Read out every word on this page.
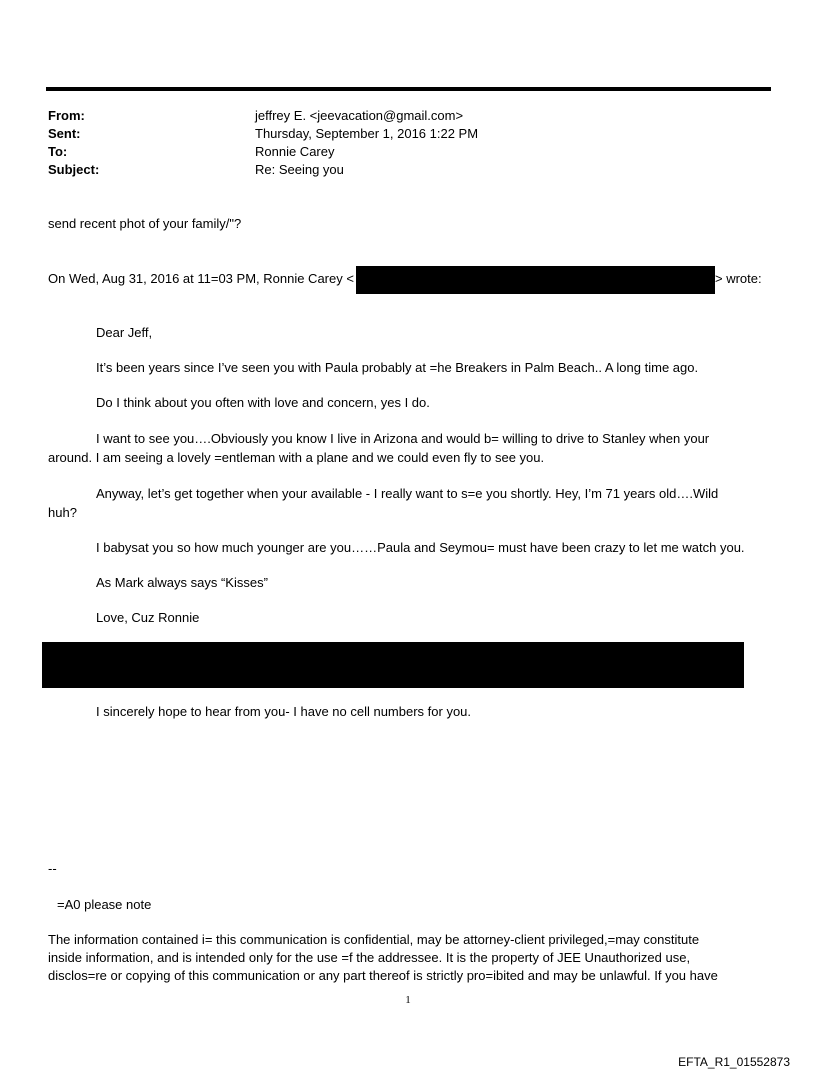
From:	jeffrey E. <jeevacation@gmail.com>
Sent:	Thursday, September 1, 2016 1:22 PM
To:	Ronnie Carey
Subject:	Re: Seeing you
send recent phot of your family/"?
On Wed, Aug 31, 2016 at 11=03 PM, Ronnie Carey <	> wrote:
Dear Jeff,
It’s been years since I’ve seen you with Paula probably at =he Breakers in Palm Beach.. A long time ago.
Do I think about you often with love and concern, yes I do.
I want to see you….Obviously you know I live in Arizona and would b= willing to drive to Stanley when your
around. I am seeing a lovely =entleman with a plane and we could even fly to see you.
Anyway, let’s get together when your available - I really want to s=e you shortly. Hey, I’m 71 years old….Wild
huh?
I babysat you so how much younger are you……Paula and Seymou= must have been crazy to let me watch you.
As Mark always says “Kisses”
Love, Cuz Ronnie
I sincerely hope to hear from you- I have no cell numbers for you.
--
=A0 please note
The information contained i= this communication is confidential, may be attorney-client privileged,=may constitute
inside information, and is intended only for the use =f the addressee. It is the property of JEE Unauthorized use,
disclos=re or copying of this communication or any part thereof is strictly pro=ibited and may be unlawful. If you have
1
EFTA_R1_01552873
